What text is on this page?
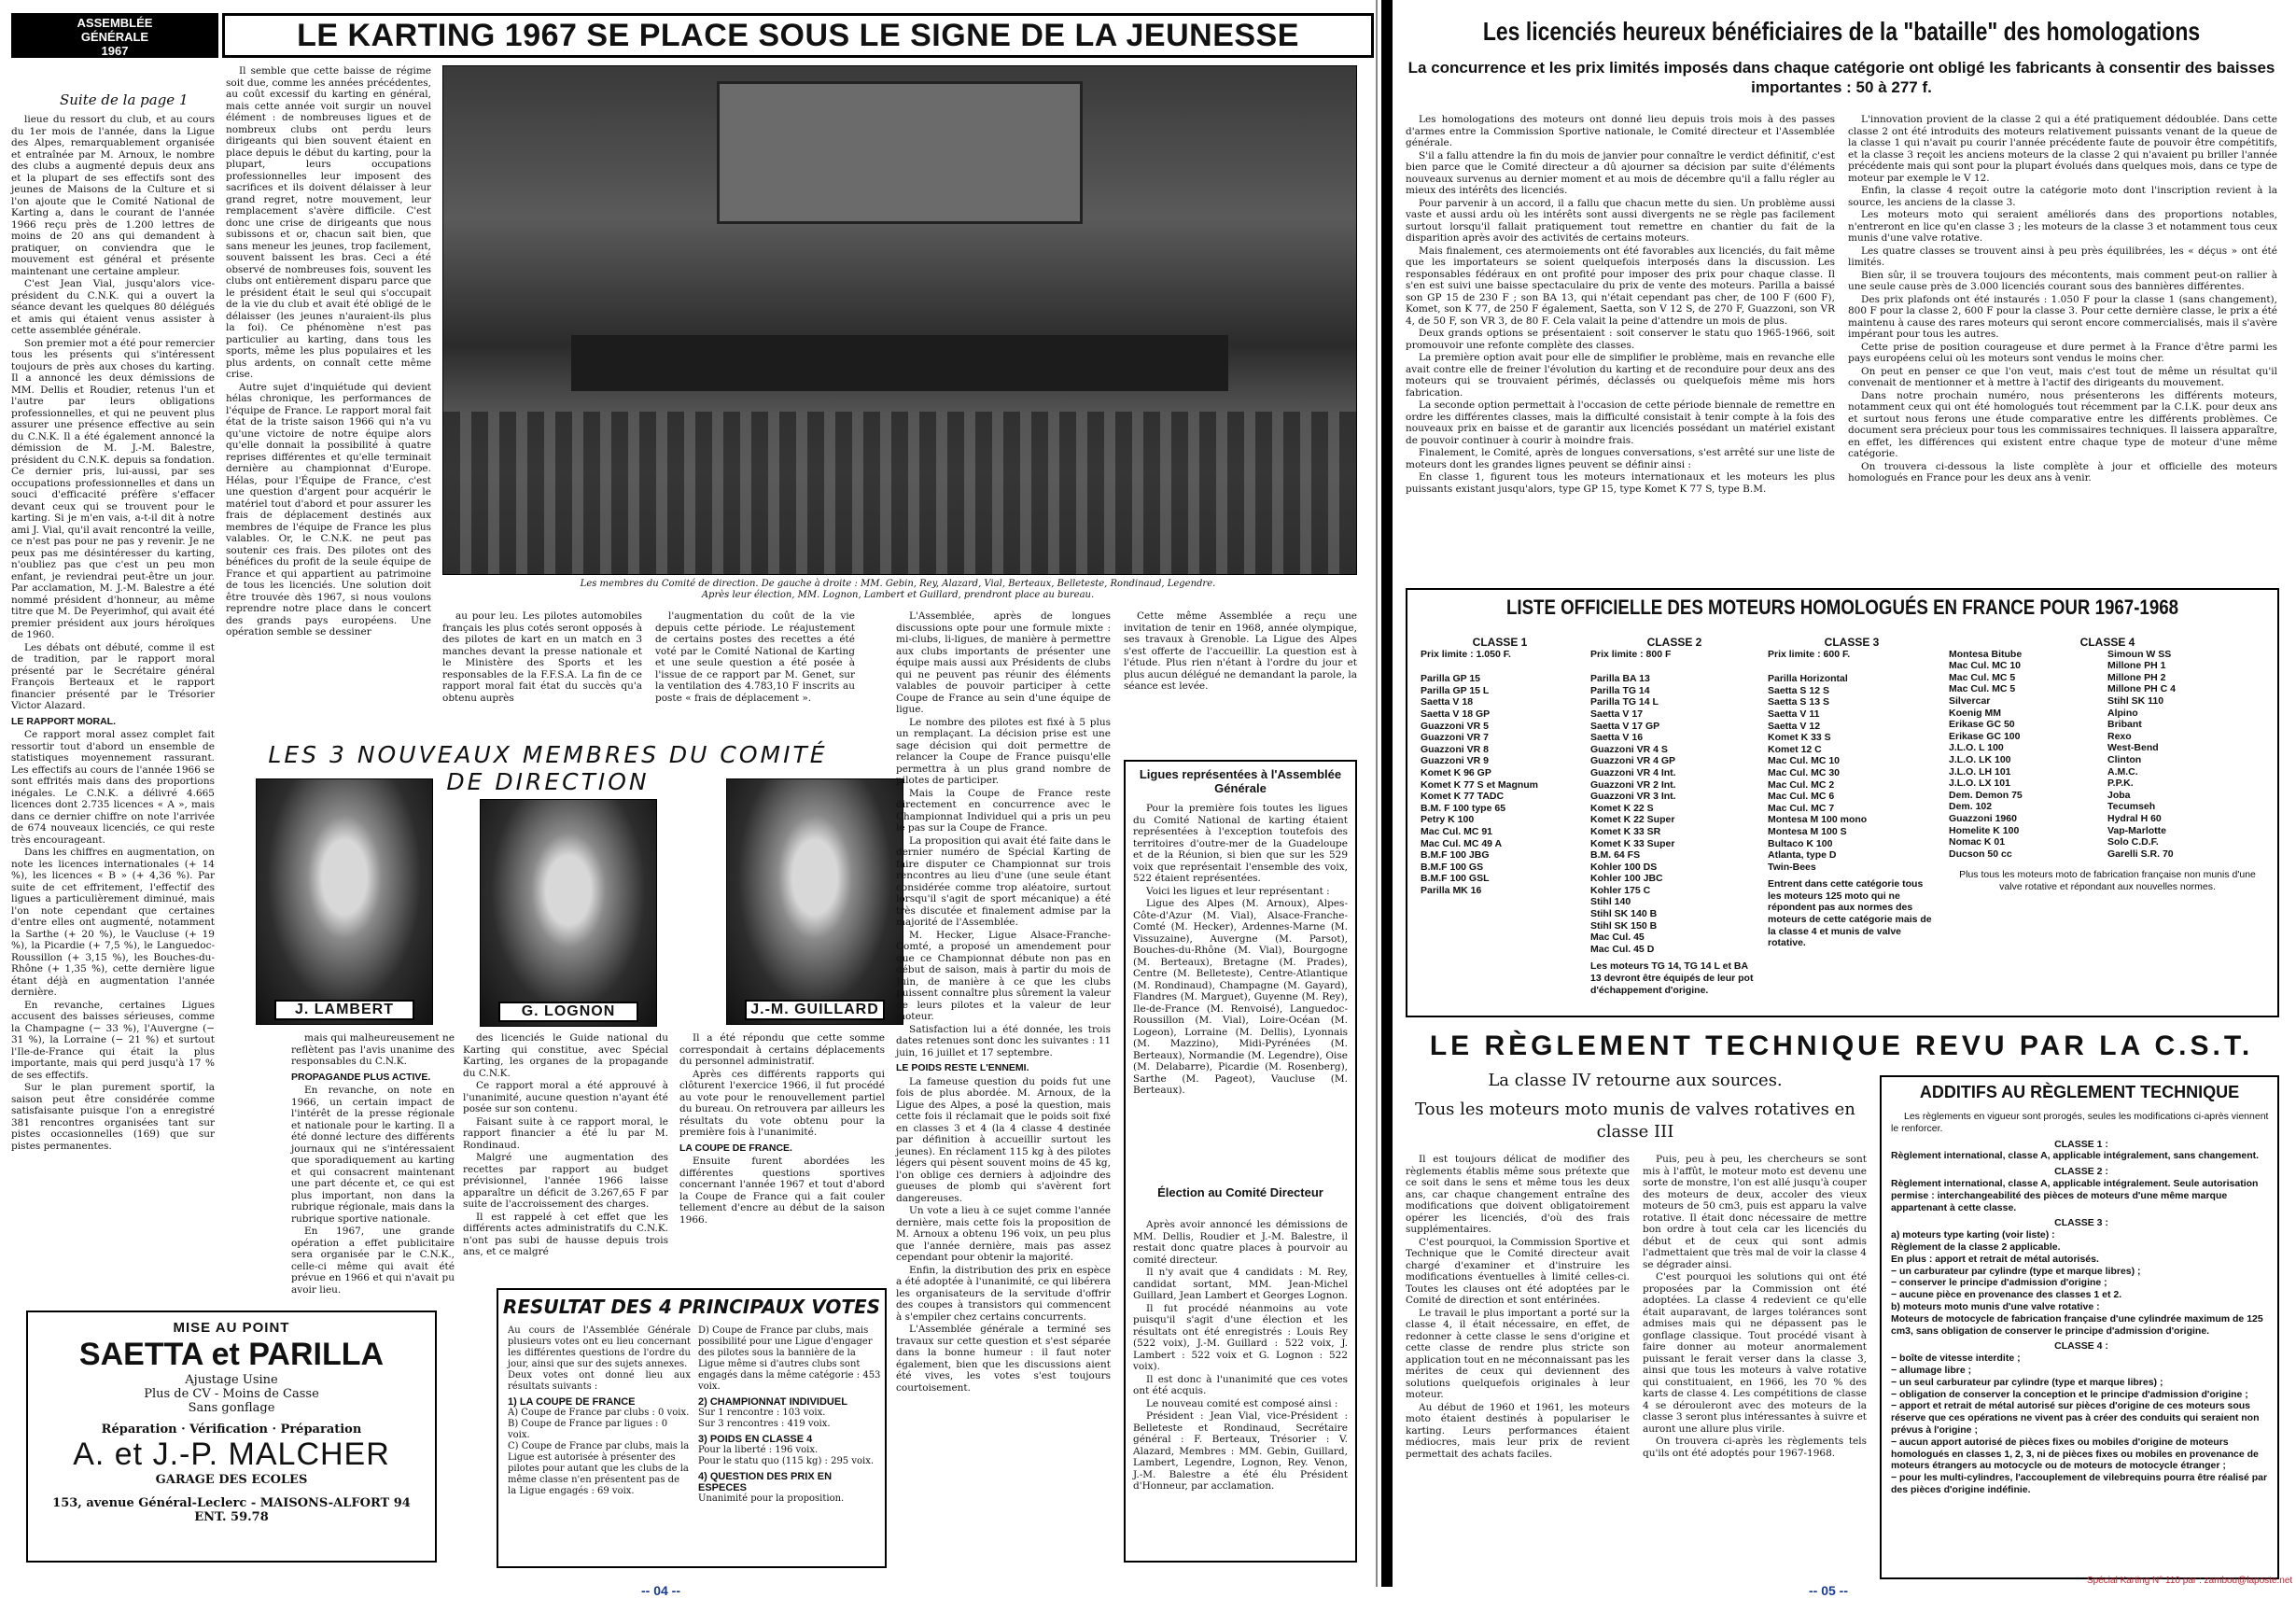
ASSEMBLÉE
GÉNÉRALE
1967	LE KARTING 1967 SE PLACE SOUS LE SIGNE DE LA JEUNESSE
Suite de la page 1

lieue du ressort du club, et au cours du 1er mois de l'année, dans la Ligue des Alpes, remarquablement organisée et entraînée par M. Arnoux, le nombre des clubs a augmenté depuis deux ans et la plupart de ses effectifs sont des jeunes de Maisons de la Culture et si l'on ajoute que le Comité National de Karting a, dans le courant de l'année 1966 reçu près de 1.200 lettres de moins de 20 ans qui demandent à pratiquer, on conviendra que le mouvement est général et présente maintenant une certaine ampleur.

C'est Jean Vial, jusqu'alors vice-président du C.N.K. qui a ouvert la séance devant les quelques 80 délégués et amis qui étaient venus assister à cette assemblée générale.

Son premier mot a été pour remercier tous les présents qui s'intéressent toujours de près aux choses du karting. Il a annoncé les deux démissions de MM. Dellis et Roudier, retenus l'un et l'autre par leurs obligations professionnelles, et qui ne peuvent plus assurer une présence effective au sein du C.N.K. Il a été également annoncé la démission de M. J.-M. Balestre, président du C.N.K. depuis sa fondation. Ce dernier pris, lui-aussi, par ses occupations professionnelles et dans un souci d'efficacité préfère s'effacer devant ceux qui se trouvent pour le karting. Si je m'en vais, a-t-il dit à notre ami J. Vial, qu'il avait rencontré la veille, ce n'est pas pour ne pas y revenir. Je ne peux pas me désintéresser du karting, n'oubliez pas que c'est un peu mon enfant, je reviendrai peut-être un jour. Par acclamation, M. J.-M. Balestre a été nommé président d'honneur, au même titre que M. De Peyerimhof, qui avait été premier président aux jours héroïques de 1960.

Les débats ont débuté, comme il est de tradition, par le rapport moral présenté par le Secrétaire général François Berteaux et le rapport financier présenté par le Trésorier Victor Alazard.

LE RAPPORT MORAL.

Ce rapport moral assez complet fait ressortir tout d'abord un ensemble de statistiques moyennement rassurant. Les effectifs au cours de l'année 1966 se sont effrités mais dans des proportions inégales. Le C.N.K. a délivré 4.665 licences dont 2.735 licences « A », mais dans ce dernier chiffre on note l'arrivée de 674 nouveaux licenciés, ce qui reste très encourageant.

Dans les chiffres en augmentation, on note les licences internationales (+ 14 %), les licences « B » (+ 4,36 %). Par suite de cet effritement, l'effectif des ligues a particulièrement diminué, mais l'on note cependant que certaines d'entre elles ont augmenté, notamment la Sarthe (+ 20 %), le Vaucluse (+ 19 %), la Picardie (+ 7,5 %), le Languedoc-Roussillon (+ 3,15 %), les Bouches-du-Rhône (+ 1,35 %), cette dernière ligue étant déjà en augmentation l'année dernière.

En revanche, certaines Ligues accusent des baisses sérieuses, comme la Champagne (− 33 %), l'Auvergne (− 31 %), la Lorraine (− 21 %) et surtout l'Ile-de-France qui était la plus importante, mais qui perd jusqu'à 17 % de ses effectifs.

Sur le plan purement sportif, la saison peut être considérée comme satisfaisante puisque l'on a enregistré 381 rencontres organisées tant sur pistes occasionnelles (169) que sur pistes permanentes.

Il semble que cette baisse de régime soit due, comme les années précédentes, au coût excessif du karting en général, mais cette année voit surgir un nouvel élément : de nombreuses ligues et de nombreux clubs ont perdu leurs dirigeants qui bien souvent étaient en place depuis le début du karting, pour la plupart, leurs occupations professionnelles leur imposent des sacrifices et ils doivent délaisser à leur grand regret, notre mouvement, leur remplacement s'avère difficile. C'est donc une crise de dirigeants que nous subissons et or, chacun sait bien, que sans meneur les jeunes, trop facilement, souvent baissent les bras. Ceci a été observé de nombreuses fois, souvent les clubs ont entièrement disparu parce que le président était le seul qui s'occupait de la vie du club et avait été obligé de le délaisser (les jeunes n'auraient-ils plus la foi). Ce phénomène n'est pas particulier au karting, dans tous les sports, même les plus populaires et les plus ardents, on connaît cette même crise.

Autre sujet d'inquiétude qui devient hélas chronique, les performances de l'équipe de France. Le rapport moral fait état de la triste saison 1966 qui n'a vu qu'une victoire de notre équipe alors qu'elle donnait la possibilité à quatre reprises différentes et qu'elle terminait dernière au championnat d'Europe. Hélas, pour l'Équipe de France, c'est une question d'argent pour acquérir le matériel tout d'abord et pour assurer les frais de déplacement destinés aux membres de l'équipe de France les plus valables. Or, le C.N.K. ne peut pas soutenir ces frais. Des pilotes ont des bénéfices du profit de la seule équipe de France et qui appartient au patrimoine de tous les licenciés. Une solution doit être trouvée dès 1967, si nous voulons reprendre notre place dans le concert des grands pays européens. Une opération semble se dessiner

Les membres du Comité de direction. De gauche à droite : MM. Gebin, Rey, Alazard, Vial, Berteaux, Belleteste, Rondinaud, Legendre. Après leur élection, MM. Lognon, Lambert et Guillard, prendront place au bureau.

au pour leu. Les pilotes automobiles français les plus cotés seront opposés à des pilotes de kart en un match en 3 manches devant la presse nationale et le Ministère des Sports et les responsables de la F.F.S.A. La fin de ce rapport moral fait état du succès qu'a obtenu auprès

l'augmentation du coût de la vie depuis cette période. Le réajustement de certains postes des recettes a été voté par le Comité National de Karting et une seule question a été posée à l'issue de ce rapport par M. Genet, sur la ventilation des 4.783,10 F inscrits au poste « frais de déplacement ».

LES 3 NOUVEAUX MEMBRES DU COMITÉ DE DIRECTION
J. LAMBERT	G. LOGNON	J.-M. GUILLARD

mais qui malheureusement ne reflètent pas l'avis unanime des responsables du C.N.K.

PROPAGANDE PLUS ACTIVE.

En revanche, on note en 1966, un certain impact de l'intérêt de la presse régionale et nationale pour le karting. Il a été donné lecture des différents journaux qui ne s'intéressaient que sporadiquement au karting et qui consacrent maintenant une part décente et, ce qui est plus important, non dans la rubrique régionale, mais dans la rubrique sportive nationale.

En 1967, une grande opération a effet publicitaire sera organisée par le C.N.K., celle-ci même qui avait été prévue en 1966 et qui n'avait pu avoir lieu.

des licenciés le Guide national du Karting qui constitue, avec Spécial Karting, les organes de la propagande du C.N.K.

Ce rapport moral a été approuvé à l'unanimité, aucune question n'ayant été posée sur son contenu.

Faisant suite à ce rapport moral, le rapport financier a été lu par M. Rondinaud.

Malgré une augmentation des recettes par rapport au budget prévisionnel, l'année 1966 laisse apparaître un déficit de 3.267,65 F par suite de l'accroissement des charges.

Il est rappelé à cet effet que les différents actes administratifs du C.N.K. n'ont pas subi de hausse depuis trois ans, et ce malgré

Il a été répondu que cette somme correspondait à certains déplacements du personnel administratif.

Après ces différents rapports qui clôturent l'exercice 1966, il fut procédé au vote pour le renouvellement partiel du bureau. On retrouvera par ailleurs les résultats du vote obtenu pour la première fois à l'unanimité.

LA COUPE DE FRANCE.

Ensuite furent abordées les différentes questions sportives concernant l'année 1967 et tout d'abord la Coupe de France qui a fait couler tellement d'encre au début de la saison 1966.

L'Assemblée, après de longues discussions opte pour une formule mixte : mi-clubs, li-ligues, de manière à permettre aux clubs importants de présenter une équipe mais aussi aux Présidents de clubs qui ne peuvent pas réunir des éléments valables de pouvoir participer à cette Coupe de France au sein d'une équipe de ligue.

Le nombre des pilotes est fixé à 5 plus un remplaçant. La décision prise est une sage décision qui doit permettre de relancer la Coupe de France puisqu'elle permettra à un plus grand nombre de pilotes de participer.

Mais la Coupe de France reste directement en concurrence avec le Championnat Individuel qui a pris un peu le pas sur la Coupe de France.

La proposition qui avait été faite dans le dernier numéro de Spécial Karting de faire disputer ce Championnat sur trois rencontres au lieu d'une (une seule étant considérée comme trop aléatoire, surtout lorsqu'il s'agit de sport mécanique) a été très discutée et finalement admise par la majorité de l'Assemblée.

M. Hecker, Ligue Alsace-Franche-Comté, a proposé un amendement pour que ce Championnat débute non pas en début de saison, mais à partir du mois de Juin, de manière à ce que les clubs puissent connaître plus sûrement la valeur de leurs pilotes et la valeur de leur moteur.

Satisfaction lui a été donnée, les trois dates retenues sont donc les suivantes : 11 juin, 16 juillet et 17 septembre.

LE POIDS RESTE L'ENNEMI.

La fameuse question du poids fut une fois de plus abordée. M. Arnoux, de la Ligue des Alpes, a posé la question, mais cette fois il réclamait que le poids soit fixé en classes 3 et 4 (la 4 classe 4 destinée par définition à accueillir surtout les jeunes). En réclament 115 kg à des pilotes légers qui pèsent souvent moins de 45 kg, l'on oblige ces derniers à adjoindre des gueuses de plomb qui s'avèrent fort dangereuses.

Un vote a lieu à ce sujet comme l'année dernière, mais cette fois la proposition de M. Arnoux a obtenu 196 voix, un peu plus que l'année dernière, mais pas assez cependant pour obtenir la majorité.

Enfin, la distribution des prix en espèce a été adoptée à l'unanimité, ce qui libérera les organisateurs de la servitude d'offrir des coupes à transistors qui commencent à s'empiler chez certains concurrents.

L'Assemblée générale a terminé ses travaux sur cette question et s'est séparée dans la bonne humeur : il faut noter également, bien que les discussions aient été vives, les votes s'est toujours courtoisement.

Cette même Assemblée a reçu une invitation de tenir en 1968, année olympique, ses travaux à Grenoble. La Ligue des Alpes s'est offerte de l'accueillir. La question est à l'étude. Plus rien n'étant à l'ordre du jour et plus aucun délégué ne demandant la parole, la séance est levée.

Ligues représentées à l'Assemblée Générale

Pour la première fois toutes les ligues du Comité National de karting étaient représentées à l'exception toutefois des territoires d'outre-mer de la Guadeloupe et de la Réunion, si bien que sur les 529 voix que représentait l'ensemble des voix, 522 étaient représentées.

Voici les ligues et leur représentant :

Ligue des Alpes (M. Arnoux), Alpes-Côte-d'Azur (M. Vial), Alsace-Franche-Comté (M. Hecker), Ardennes-Marne (M. Vissuzaine), Auvergne (M. Parsot), Bouches-du-Rhône (M. Vial), Bourgogne (M. Berteaux), Bretagne (M. Prades), Centre (M. Belleteste), Centre-Atlantique (M. Rondinaud), Champagne (M. Gayard), Flandres (M. Marguet), Guyenne (M. Rey), Ile-de-France (M. Renvoisé), Languedoc-Roussillon (M. Vial), Loire-Océan (M. Logeon), Lorraine (M. Dellis), Lyonnais (M. Mazzino), Midi-Pyrénées (M. Berteaux), Normandie (M. Legendre), Oise (M. Delabarre), Picardie (M. Rosenberg), Sarthe (M. Pageot), Vaucluse (M. Berteaux).

Élection au Comité Directeur

Après avoir annoncé les démissions de MM. Dellis, Roudier et J.-M. Balestre, il restait donc quatre places à pourvoir au comité directeur.

Il n'y avait que 4 candidats : M. Rey, candidat sortant, MM. Jean-Michel Guillard, Jean Lambert et Georges Lognon.

Il fut procédé néanmoins au vote puisqu'il s'agit d'une élection et les résultats ont été enregistrés : Louis Rey (522 voix), J.-M. Guillard : 522 voix, J. Lambert : 522 voix et G. Lognon : 522 voix).

Il est donc à l'unanimité que ces votes ont été acquis.

Le nouveau comité est composé ainsi :

Président : Jean Vial, vice-Président : Belleteste et Rondinaud, Secrétaire général : F. Berteaux, Trésorier : V. Alazard, Membres : MM. Gebin, Guillard, Lambert, Legendre, Lognon, Rey. Venon, J.-M. Balestre a été élu Président d'Honneur, par acclamation.

MISE AU POINT
SAETTA et PARILLA
Ajustage Usine
Plus de CV - Moins de Casse
Sans gonflage
Réparation · Vérification · Préparation
A. et J.-P. MALCHER
GARAGE DES ECOLES
153, avenue Général-Leclerc - MAISONS-ALFORT 94
ENT. 59.78
RESULTAT DES 4 PRINCIPAUX VOTES
Au cours de l'Assemblée Générale plusieurs votes ont eu lieu concernant les différentes questions de l'ordre du jour, ainsi que sur des sujets annexes.
Deux votes ont donné lieu aux résultats suivants :
1) LA COUPE DE FRANCE
A) Coupe de France par clubs : 0 voix.
B) Coupe de France par ligues : 0 voix.
C) Coupe de France par clubs, mais la Ligue est autorisée à présenter des pilotes pour autant que les clubs de la même classe n'en présentent pas de la Ligue engagés : 69 voix.
D) Coupe de France par clubs, mais possibilité pour une Ligue d'engager des pilotes sous la bannière de la Ligue même si d'autres clubs sont engagés dans la même catégorie : 453 voix.
2) CHAMPIONNAT INDIVIDUEL
Sur 1 rencontre : 103 voix.
Sur 3 rencontres : 419 voix.
3) POIDS EN CLASSE 4
Pour la liberté : 196 voix.
Pour le statu quo (115 kg) : 295 voix.
4) QUESTION DES PRIX EN ESPECES
Unanimité pour la proposition.
-- 04 --
Les licenciés heureux bénéficiaires de la "bataille" des homologations
La concurrence et les prix limités imposés dans chaque catégorie ont obligé les fabricants à consentir des baisses importantes : 50 à 277 f.

Les homologations des moteurs ont donné lieu depuis trois mois à des passes d'armes entre la Commission Sportive nationale, le Comité directeur et l'Assemblée générale.

S'il a fallu attendre la fin du mois de janvier pour connaître le verdict définitif, c'est bien parce que le Comité directeur a dû ajourner sa décision par suite d'éléments nouveaux survenus au dernier moment et au mois de décembre qu'il a fallu régler au mieux des intérêts des licenciés.

Pour parvenir à un accord, il a fallu que chacun mette du sien. Un problème aussi vaste et aussi ardu où les intérêts sont aussi divergents ne se règle pas facilement surtout lorsqu'il fallait pratiquement tout remettre en chantier du fait de la disparition après avoir des activités de certains moteurs.

Mais finalement, ces atermoiements ont été favorables aux licenciés, du fait même que les importateurs se soient quelquefois interposés dans la discussion. Les responsables fédéraux en ont profité pour imposer des prix pour chaque classe. Il s'en est suivi une baisse spectaculaire du prix de vente des moteurs. Parilla a baissé son GP 15 de 230 F ; son BA 13, qui n'était cependant pas cher, de 100 F (600 F), Komet, son K 77, de 250 F également, Saetta, son V 12 S, de 270 F, Guazzoni, son VR 4, de 50 F, son VR 3, de 80 F. Cela valait la peine d'attendre un mois de plus.

Deux grands options se présentaient : soit conserver le statu quo 1965-1966, soit promouvoir une refonte complète des classes.

La première option avait pour elle de simplifier le problème, mais en revanche elle avait contre elle de freiner l'évolution du karting et de reconduire pour deux ans des moteurs qui se trouvaient périmés, déclassés ou quelquefois même mis hors fabrication.

La seconde option permettait à l'occasion de cette période biennale de remettre en ordre les différentes classes, mais la difficulté consistait à tenir compte à la fois des nouveaux prix en baisse et de garantir aux licenciés possédant un matériel existant de pouvoir continuer à courir à moindre frais.

Finalement, le Comité, après de longues conversations, s'est arrêté sur une liste de moteurs dont les grandes lignes peuvent se définir ainsi :

En classe 1, figurent tous les moteurs internationaux et les moteurs les plus puissants existant jusqu'alors, type GP 15, type Komet K 77 S, type B.M.

L'innovation provient de la classe 2 qui a été pratiquement dédoublée. Dans cette classe 2 ont été introduits des moteurs relativement puissants venant de la queue de la classe 1 qui n'avait pu courir l'année précédente faute de pouvoir être compétitifs, et la classe 3 reçoit les anciens moteurs de la classe 2 qui n'avaient pu briller l'année précédente mais qui sont pour la plupart évolués dans quelques mois, dans ce type de moteur par exemple le V 12.

Enfin, la classe 4 reçoit outre la catégorie moto dont l'inscription revient à la source, les anciens de la classe 3.

Les moteurs moto qui seraient améliorés dans des proportions notables, n'entreront en lice qu'en classe 3 ; les moteurs de la classe 3 et notamment tous ceux munis d'une valve rotative.

Les quatre classes se trouvent ainsi à peu près équilibrées, les « déçus » ont été limités.

Bien sûr, il se trouvera toujours des mécontents, mais comment peut-on rallier à une seule cause près de 3.000 licenciés courant sous des bannières différentes.

Des prix plafonds ont été instaurés : 1.050 F pour la classe 1 (sans changement), 800 F pour la classe 2, 600 F pour la classe 3. Pour cette dernière classe, le prix a été maintenu à cause des rares moteurs qui seront encore commercialisés, mais il s'avère impérant pour tous les autres.

Cette prise de position courageuse et dure permet à la France d'être parmi les pays européens celui où les moteurs sont vendus le moins cher.

On peut en penser ce que l'on veut, mais c'est tout de même un résultat qu'il convenait de mentionner et à mettre à l'actif des dirigeants du mouvement.

Dans notre prochain numéro, nous présenterons les différents moteurs, notamment ceux qui ont été homologués tout récemment par la C.I.K. pour deux ans et surtout nous ferons une étude comparative entre les différents problèmes. Ce document sera précieux pour tous les commissaires techniques. Il laissera apparaître, en effet, les différences qui existent entre chaque type de moteur d'une même catégorie.

On trouvera ci-dessous la liste complète à jour et officielle des moteurs homologués en France pour les deux ans à venir.

LISTE OFFICIELLE DES MOTEURS HOMOLOGUÉS EN FRANCE POUR 1967-1968
CLASSE 1
Prix limite : 1.050 F.
Parilla GP 15
Parilla GP 15 L
Saetta V 18
Saetta V 18 GP
Guazzoni VR 5
Guazzoni VR 7
Guazzoni VR 8
Guazzoni VR 9
Komet K 96 GP
Komet K 77 S et Magnum
Komet K 77 TADC
B.M. F 100 type 65
Petry K 100
Mac Cul. MC 91
Mac Cul. MC 49 A
B.M.F 100 JBG
B.M.F 100 GS
B.M.F 100 GSL
Parilla MK 16
CLASSE 2
Prix limite : 800 F
Parilla BA 13
Parilla TG 14
Parilla TG 14 L
Saetta V 17
Saetta V 17 GP
Saetta V 16
Guazzoni VR 4 S
Guazzoni VR 4 GP
Guazzoni VR 4 Int.
Guazzoni VR 2 Int.
Guazzoni VR 3 Int.
Komet K 22 S
Komet K 22 Super
Komet K 33 SR
Komet K 33 Super
B.M. 64 FS
Kohler 100 DS
Kohler 100 JBC
Kohler 175 C
Stihl 140
Stihl SK 140 B
Stihl SK 150 B
Mac Cul. 45
Mac Cul. 45 D
Les moteurs TG 14, TG 14 L et BA 13 devront être équipés de leur pot d'échappement d'origine.
CLASSE 3
Prix limite : 600 F.
Parilla Horizontal
Saetta S 12 S
Saetta S 13 S
Saetta V 11
Saetta V 12
Komet K 33 S
Komet 12 C
Mac Cul. MC 10
Mac Cul. MC 30
Mac Cul. MC 2
Mac Cul. MC 6
Mac Cul. MC 7
Montesa M 100 mono
Montesa M 100 S
Bultaco K 100
Atlanta, type D
Twin-Bees
Entrent dans cette catégorie tous les moteurs 125 moto qui ne répondent pas aux normes des moteurs de cette catégorie mais de la classe 4 et munis de valve rotative.
CLASSE 4
Montesa Bitube
Mac Cul. MC 10
Mac Cul. MC 5
Mac Cul. MC 5
Silvercar
Koenig MM
Erikase GC 50
Erikase GC 100
J.L.O. L 100
J.L.O. LK 100
J.L.O. LH 101
J.L.O. LX 101
Dem. Demon 75
Dem. 102
Guazzoni 1960
Homelite K 100
Nomac K 01
Ducson 50 cc
Simoun W SS
Millone PH 1
Millone PH 2
Millone PH C 4
Stihl SK 110
Alpino
Bribant
Rexo
West-Bend
Clinton
A.M.C.
P.P.K.
Joba
Tecumseh
Hydral H 60
Vap-Marlotte
Solo C.D.F.
Garelli S.R. 70
Plus tous les moteurs moto de fabrication française non munis d'une valve rotative et répondant aux nouvelles normes.
LE RÈGLEMENT TECHNIQUE REVU PAR LA C.S.T.
La classe IV retourne aux sources.
Tous les moteurs moto munis de valves rotatives en classe III

Il est toujours délicat de modifier des règlements établis même sous prétexte que ce soit dans le sens et même tous les deux ans, car chaque changement entraîne des modifications que doivent obligatoirement opérer les licenciés, d'où des frais supplémentaires.

C'est pourquoi, la Commission Sportive et Technique que le Comité directeur avait chargé d'examiner et d'instruire les modifications éventuelles à limité celles-ci. Toutes les clauses ont été adoptées par le Comité de direction et sont entérinées.

Le travail le plus important a porté sur la classe 4, il était nécessaire, en effet, de redonner à cette classe le sens d'origine et cette classe de rendre plus stricte son application tout en ne méconnaissant pas les mérites de ceux qui deviennent des solutions quelquefois originales à leur moteur.

Au début de 1960 et 1961, les moteurs moto étaient destinés à populariser le karting. Leurs performances étaient médiocres, mais leur prix de revient permettait des achats faciles.

Puis, peu à peu, les chercheurs se sont mis à l'affût, le moteur moto est devenu une sorte de monstre, l'on est allé jusqu'à couper des moteurs de deux, accoler des vieux moteurs de 50 cm3, puis est apparu la valve rotative. Il était donc nécessaire de mettre bon ordre à tout cela car les licenciés du début et de ceux qui sont admis l'admettaient que très mal de voir la classe 4 se dégrader ainsi.

C'est pourquoi les solutions qui ont été proposées par la Commission ont été adoptées. La classe 4 redevient ce qu'elle était auparavant, de larges tolérances sont admises mais qui ne dépassent pas le gonflage classique. Tout procédé visant à faire donner au moteur anormalement puissant le ferait verser dans la classe 3, ainsi que tous les moteurs à valve rotative qui constituaient, en 1966, les 70 % des karts de classe 4. Les compétitions de classe 4 se dérouleront avec des moteurs de la classe 3 seront plus intéressantes à suivre et auront une allure plus virile.

On trouvera ci-après les règlements tels qu'ils ont été adoptés pour 1967-1968.

ADDITIFS AU RÈGLEMENT TECHNIQUE
Les règlements en vigueur sont prorogés, seules les modifications ci-après viennent le renforcer.
CLASSE 1 :

Règlement international, classe A, applicable intégralement, sans changement.

CLASSE 2 :

Règlement international, classe A, applicable intégralement. Seule autorisation permise : interchangeabilité des pièces de moteurs d'une même marque appartenant à cette classe.

CLASSE 3 :

a) moteurs type karting (voir liste) :

Règlement de la classe 2 applicable.

En plus : apport et retrait de métal autorisés.

− un carburateur par cylindre (type et marque libres) ;

− conserver le principe d'admission d'origine ;

− aucune pièce en provenance des classes 1 et 2.

b) moteurs moto munis d'une valve rotative :

Moteurs de motocycle de fabrication française d'une cylindrée maximum de 125 cm3, sans obligation de conserver le principe d'admission d'origine.

CLASSE 4 :

− boîte de vitesse interdite ;

− allumage libre ;

− un seul carburateur par cylindre (type et marque libres) ;

− obligation de conserver la conception et le principe d'admission d'origine ;

− apport et retrait de métal autorisé sur pièces d'origine de ces moteurs sous réserve que ces opérations ne vivent pas à créer des conduits qui seraient non prévus à l'origine ;

− aucun apport autorisé de pièces fixes ou mobiles d'origine de moteurs homologués en classes 1, 2, 3, ni de pièces fixes ou mobiles en provenance de moteurs étrangers au motocycle ou de moteurs de motocycle étranger ;

− pour les multi-cylindres, l'accouplement de vilebrequins pourra être réalisé par des pièces d'origine indéfinie.

-- 05 --
Spécial Karting N° 110 par : zambou@laposte.net
